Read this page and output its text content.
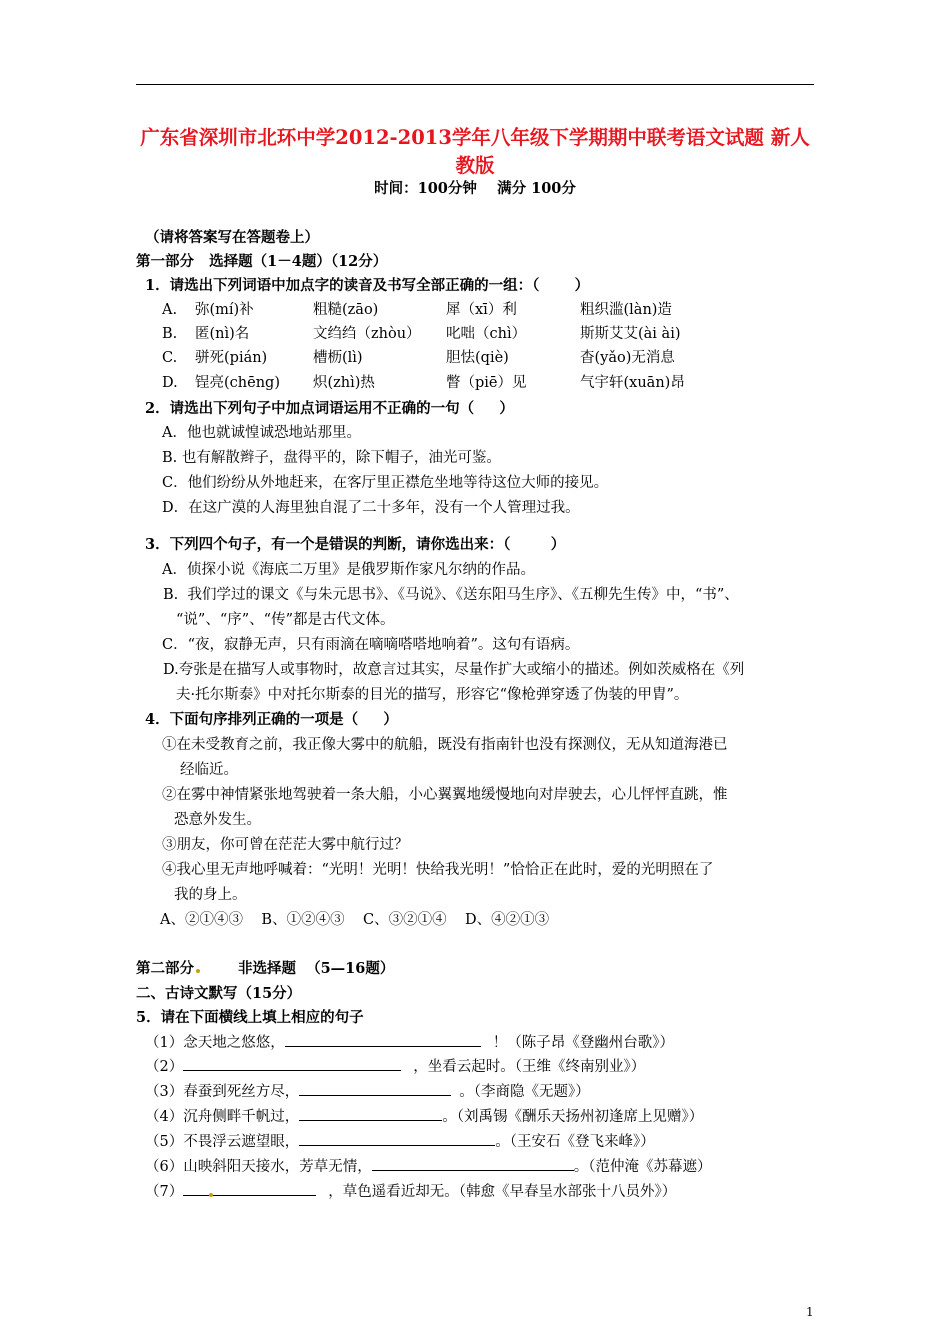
广东省深圳市北环中学2012-2013学年八年级下学期期中联考语文试题 新人教版
时间：100分钟    满分 100分
（请将答案写在答题卷上）
第一部分   选择题（1－4题）（12分）
1．请选出下列词语中加点字的读音及书写全部正确的一组：（       ）
A. 弥(mí)补	粗糙(zāo)	犀（xī）利	粗织滥(làn)造
B. 匿(nì)名	文绉绉（zhòu） 叱咄（chì）	斯斯艾艾(ài ài)
C. 骈死(pián)	槽枥(lì)	胆怯(qiè)	杳(yǎo)无消息
D. 锃亮(chēng) 炽(zhì)热	瞥（piē）见	气宇轩(xuān)昂
2．请选出下列句子中加点词语运用不正确的一句（     ）
A．他也就诚惶诚恐地站那里。
B. 也有解散辫子，盘得平的，除下帽子，油光可鉴。
C．他们纷纷从外地赶来，在客厅里正襟危坐地等待这位大师的接见。
D．在这广漠的人海里独自混了二十多年，没有一个人管理过我。
3．下列四个句子，有一个是错误的判断，请你选出来：（        ）
A．侦探小说《海底二万里》是俄罗斯作家凡尔纳的作品。
B.  我们学过的课文《与朱元思书》、《马说》、《送东阳马生序》、《五柳先生传》中，“书”、
“说”、“序”、“传”都是古代文体。
C．“夜，寂静无声，只有雨滴在嘀嘀嗒嗒地响着”。这句有语病。
D.夸张是在描写人或事物时，故意言过其实，尽量作扩大或缩小的描述。例如茨威格在《列
夫·托尔斯泰》中对托尔斯泰的目光的描写，形容它“像枪弹穿透了伪装的甲胄”。
4．下面句序排列正确的一项是（     ）
①在未受教育之前，我正像大雾中的航船，既没有指南针也没有探测仪，无从知道海港已
经临近。
②在雾中神情紧张地驾驶着一条大船，小心翼翼地缓慢地向对岸驶去，心儿怦怦直跳，惟
恐意外发生。
③朋友，你可曾在茫茫大雾中航行过？
④我心里无声地呼喊着：“光明！光明！快给我光明！”恰恰正在此时，爱的光明照在了
我的身上。
A、②①④③    B、①②④③    C、③②①④    D、④②①③
第二部分	非选择题  （5—16题）
二、古诗文默写（15分）
5．请在下面横线上填上相应的句子
（1）念天地之悠悠，	！（陈子昂《登幽州台歌》）
（2）	，坐看云起时。（王维《终南别业》）
（3）春蚕到死丝方尽，	。（李商隐《无题》）
（4）沉舟侧畔千帆过，	。（刘禹锡《酬乐天扬州初逢席上见赠》）
（5）不畏浮云遮望眼，	。（王安石《登飞来峰》）
（6）山映斜阳天接水，芳草无情，	。（范仲淹《苏幕遮）
（7）	，草色遥看近却无。（韩愈《早春呈水部张十八员外》）
1
